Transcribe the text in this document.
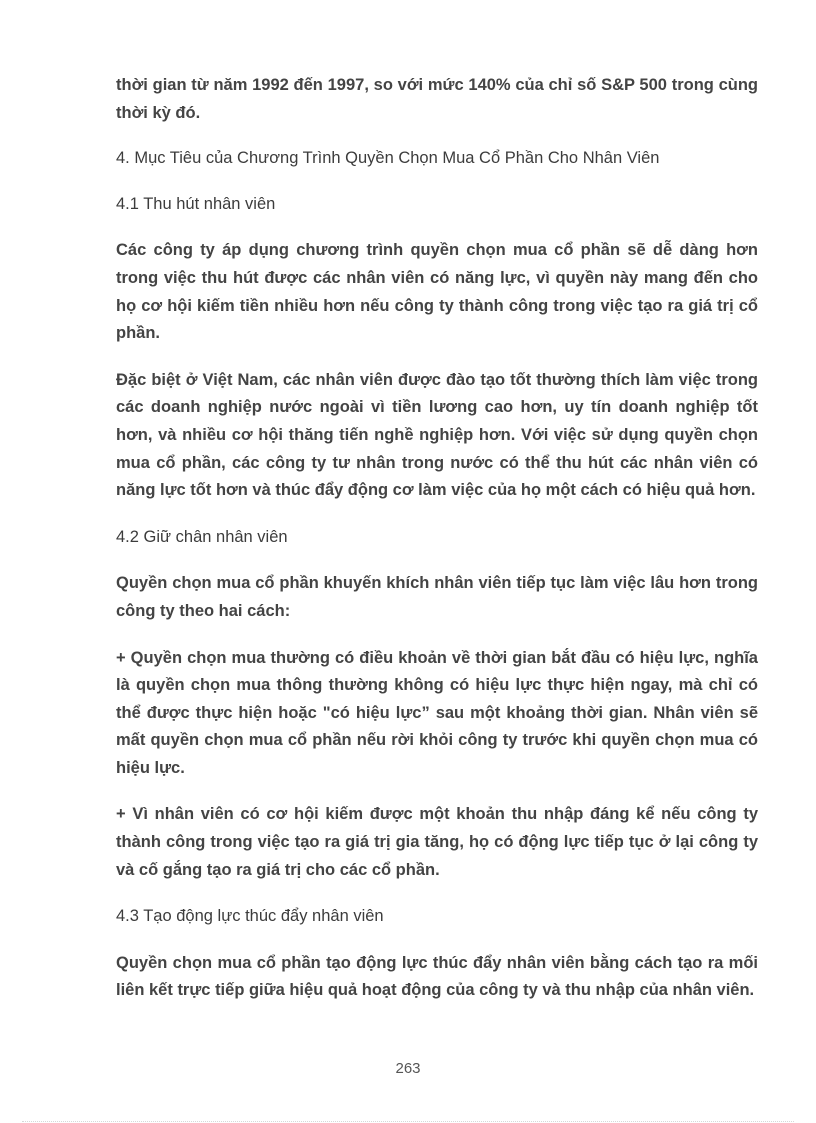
thời gian từ năm 1992 đến 1997, so với mức 140% của chỉ số S&P 500 trong cùng thời kỳ đó.

4. Mục Tiêu của Chương Trình Quyền Chọn Mua Cổ Phần Cho Nhân Viên

4.1 Thu hút nhân viên

Các công ty áp dụng chương trình quyền chọn mua cổ phần sẽ dễ dàng hơn trong việc thu hút được các nhân viên có năng lực, vì quyền này mang đến cho họ cơ hội kiếm tiền nhiều hơn nếu công ty thành công trong việc tạo ra giá trị cổ phần.

Đặc biệt ở Việt Nam, các nhân viên được đào tạo tốt thường thích làm việc trong các doanh nghiệp nước ngoài vì tiền lương cao hơn, uy tín doanh nghiệp tốt hơn, và nhiều cơ hội thăng tiến nghề nghiệp hơn. Với việc sử dụng quyền chọn mua cổ phần, các công ty tư nhân trong nước có thể thu hút các nhân viên có năng lực tốt hơn và thúc đẩy động cơ làm việc của họ một cách có hiệu quả hơn.

4.2 Giữ chân nhân viên

Quyền chọn mua cổ phần khuyến khích nhân viên tiếp tục làm việc lâu hơn trong công ty theo hai cách:

+ Quyền chọn mua thường có điều khoản về thời gian bắt đầu có hiệu lực, nghĩa là quyền chọn mua thông thường không có hiệu lực thực hiện ngay, mà chỉ có thể được thực hiện hoặc "có hiệu lực” sau một khoảng thời gian. Nhân viên sẽ mất quyền chọn mua cổ phần nếu rời khỏi công ty trước khi quyền chọn mua có hiệu lực.

+ Vì nhân viên có cơ hội kiếm được một khoản thu nhập đáng kể nếu công ty thành công trong việc tạo ra giá trị gia tăng, họ có động lực tiếp tục ở lại công ty và cố gắng tạo ra giá trị cho các cổ phần.

4.3 Tạo động lực thúc đẩy nhân viên

Quyền chọn mua cổ phần tạo động lực thúc đẩy nhân viên bằng cách tạo ra mối liên kết trực tiếp giữa hiệu quả hoạt động của công ty và thu nhập của nhân viên.

263
